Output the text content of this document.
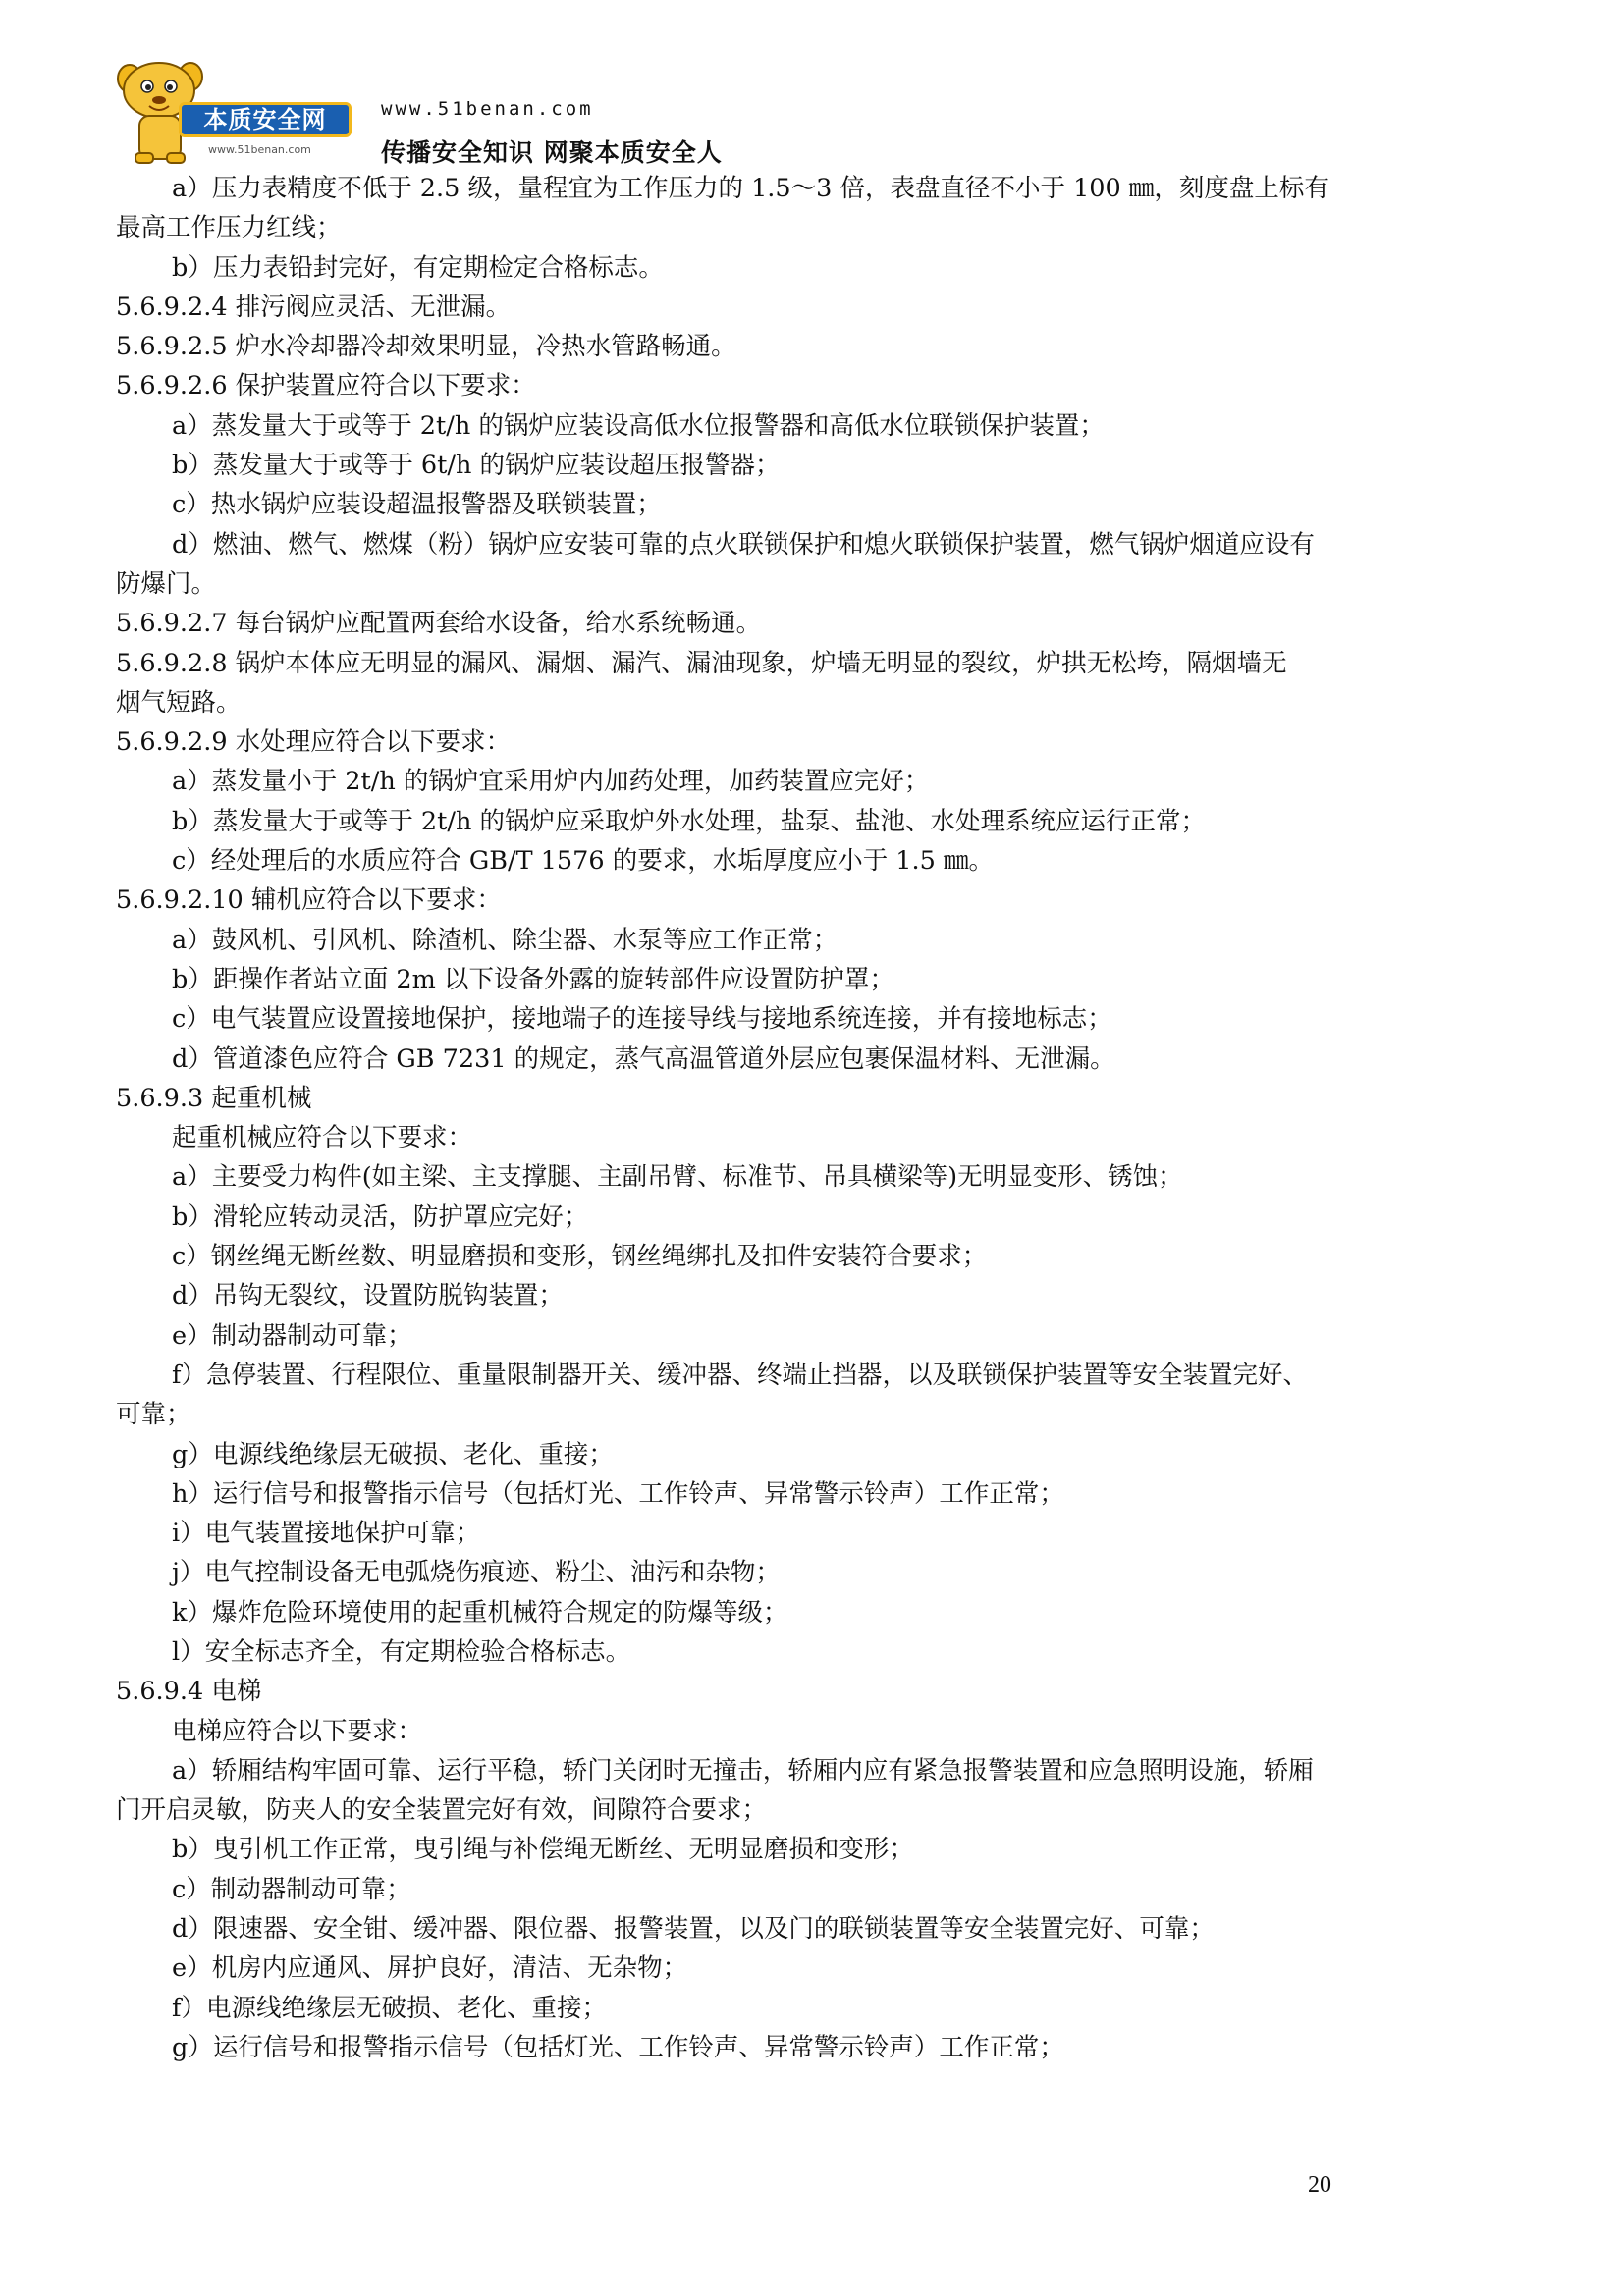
本质安全网
www.51benan.com
www.51benan.com
传播安全知识 网聚本质安全人

a）压力表精度不低于 2.5 级，量程宜为工作压力的 1.5～3 倍，表盘直径不小于 100 ㎜，刻度盘上标有

最高工作压力红线；

b）压力表铅封完好，有定期检定合格标志。

5.6.9.2.4 排污阀应灵活、无泄漏。

5.6.9.2.5 炉水冷却器冷却效果明显，冷热水管路畅通。

5.6.9.2.6 保护装置应符合以下要求：

a）蒸发量大于或等于 2t/h 的锅炉应装设高低水位报警器和高低水位联锁保护装置；

b）蒸发量大于或等于 6t/h 的锅炉应装设超压报警器；

c）热水锅炉应装设超温报警器及联锁装置；

d）燃油、燃气、燃煤（粉）锅炉应安装可靠的点火联锁保护和熄火联锁保护装置，燃气锅炉烟道应设有

防爆门。

5.6.9.2.7 每台锅炉应配置两套给水设备，给水系统畅通。

5.6.9.2.8 锅炉本体应无明显的漏风、漏烟、漏汽、漏油现象，炉墙无明显的裂纹，炉拱无松垮，隔烟墙无

烟气短路。

5.6.9.2.9 水处理应符合以下要求：

a）蒸发量小于 2t/h 的锅炉宜采用炉内加药处理，加药装置应完好；

b）蒸发量大于或等于 2t/h 的锅炉应采取炉外水处理，盐泵、盐池、水处理系统应运行正常；

c）经处理后的水质应符合 GB/T 1576 的要求，水垢厚度应小于 1.5 ㎜。

5.6.9.2.10 辅机应符合以下要求：

a）鼓风机、引风机、除渣机、除尘器、水泵等应工作正常；

b）距操作者站立面 2m 以下设备外露的旋转部件应设置防护罩；

c）电气装置应设置接地保护，接地端子的连接导线与接地系统连接，并有接地标志；

d）管道漆色应符合 GB 7231 的规定，蒸气高温管道外层应包裹保温材料、无泄漏。

5.6.9.3 起重机械

起重机械应符合以下要求：

a）主要受力构件(如主梁、主支撑腿、主副吊臂、标准节、吊具横梁等)无明显变形、锈蚀；

b）滑轮应转动灵活，防护罩应完好；

c）钢丝绳无断丝数、明显磨损和变形，钢丝绳绑扎及扣件安装符合要求；

d）吊钩无裂纹，设置防脱钩装置；

e）制动器制动可靠；

f）急停装置、行程限位、重量限制器开关、缓冲器、终端止挡器，以及联锁保护装置等安全装置完好、

可靠；

g）电源线绝缘层无破损、老化、重接；

h）运行信号和报警指示信号（包括灯光、工作铃声、异常警示铃声）工作正常；

i）电气装置接地保护可靠；

j）电气控制设备无电弧烧伤痕迹、粉尘、油污和杂物；

k）爆炸危险环境使用的起重机械符合规定的防爆等级；

l）安全标志齐全，有定期检验合格标志。

5.6.9.4 电梯

电梯应符合以下要求：

a）轿厢结构牢固可靠、运行平稳，轿门关闭时无撞击，轿厢内应有紧急报警装置和应急照明设施，轿厢

门开启灵敏，防夹人的安全装置完好有效，间隙符合要求；

b）曳引机工作正常，曳引绳与补偿绳无断丝、无明显磨损和变形；

c）制动器制动可靠；

d）限速器、安全钳、缓冲器、限位器、报警装置，以及门的联锁装置等安全装置完好、可靠；

e）机房内应通风、屏护良好，清洁、无杂物；

f）电源线绝缘层无破损、老化、重接；

g）运行信号和报警指示信号（包括灯光、工作铃声、异常警示铃声）工作正常；

20
